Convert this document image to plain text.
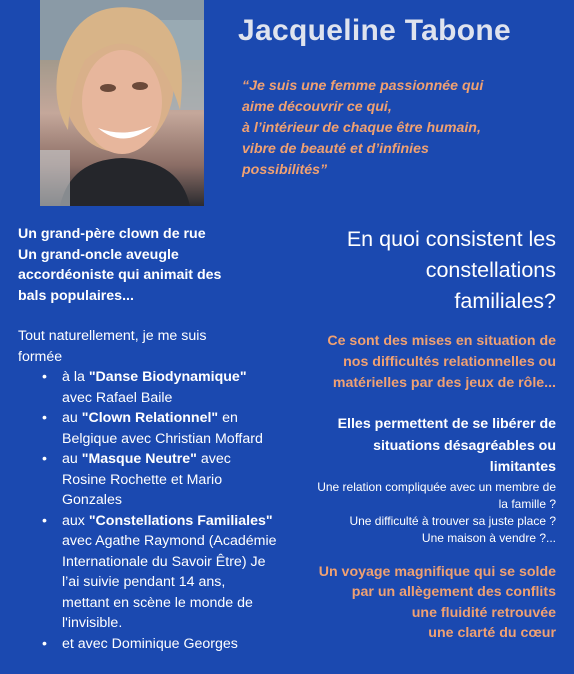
Jacqueline Tabone

“Je suis une femme passionnée qui
aime découvrir ce qui,
à l’intérieur de chaque être humain,
vibre de beauté et d’infinies
possibilités”

Un grand-père clown de rue
Un grand-oncle aveugle
accordéoniste qui animait des
bals populaires...
Tout naturellement, je me suis
formée
• à la "Danse Biodynamique"
avec Rafael Baile
• au "Clown Relationnel" en
Belgique avec Christian Moffard
• au "Masque Neutre" avec
Rosine Rochette et Mario
Gonzales
• aux "Constellations Familiales"
avec Agathe Raymond (Académie
Internationale du Savoir Être) Je
l’ai suivie pendant 14 ans,
mettant en scène le monde de
l'invisible.
• et avec Dominique Georges
En quoi consistent les
constellations
familiales?
Ce sont des mises en situation de
nos difficultés relationnelles ou
matérielles par des jeux de rôle...
Elles permettent de se libérer de
situations désagréables ou
limitantes
Une relation compliquée avec un membre de
la famille ?
Une difficulté à trouver sa juste place ?
Une maison à vendre ?...
Un voyage magnifique qui se solde
par un allègement des conflits
une fluidité retrouvée
une clarté du cœur
